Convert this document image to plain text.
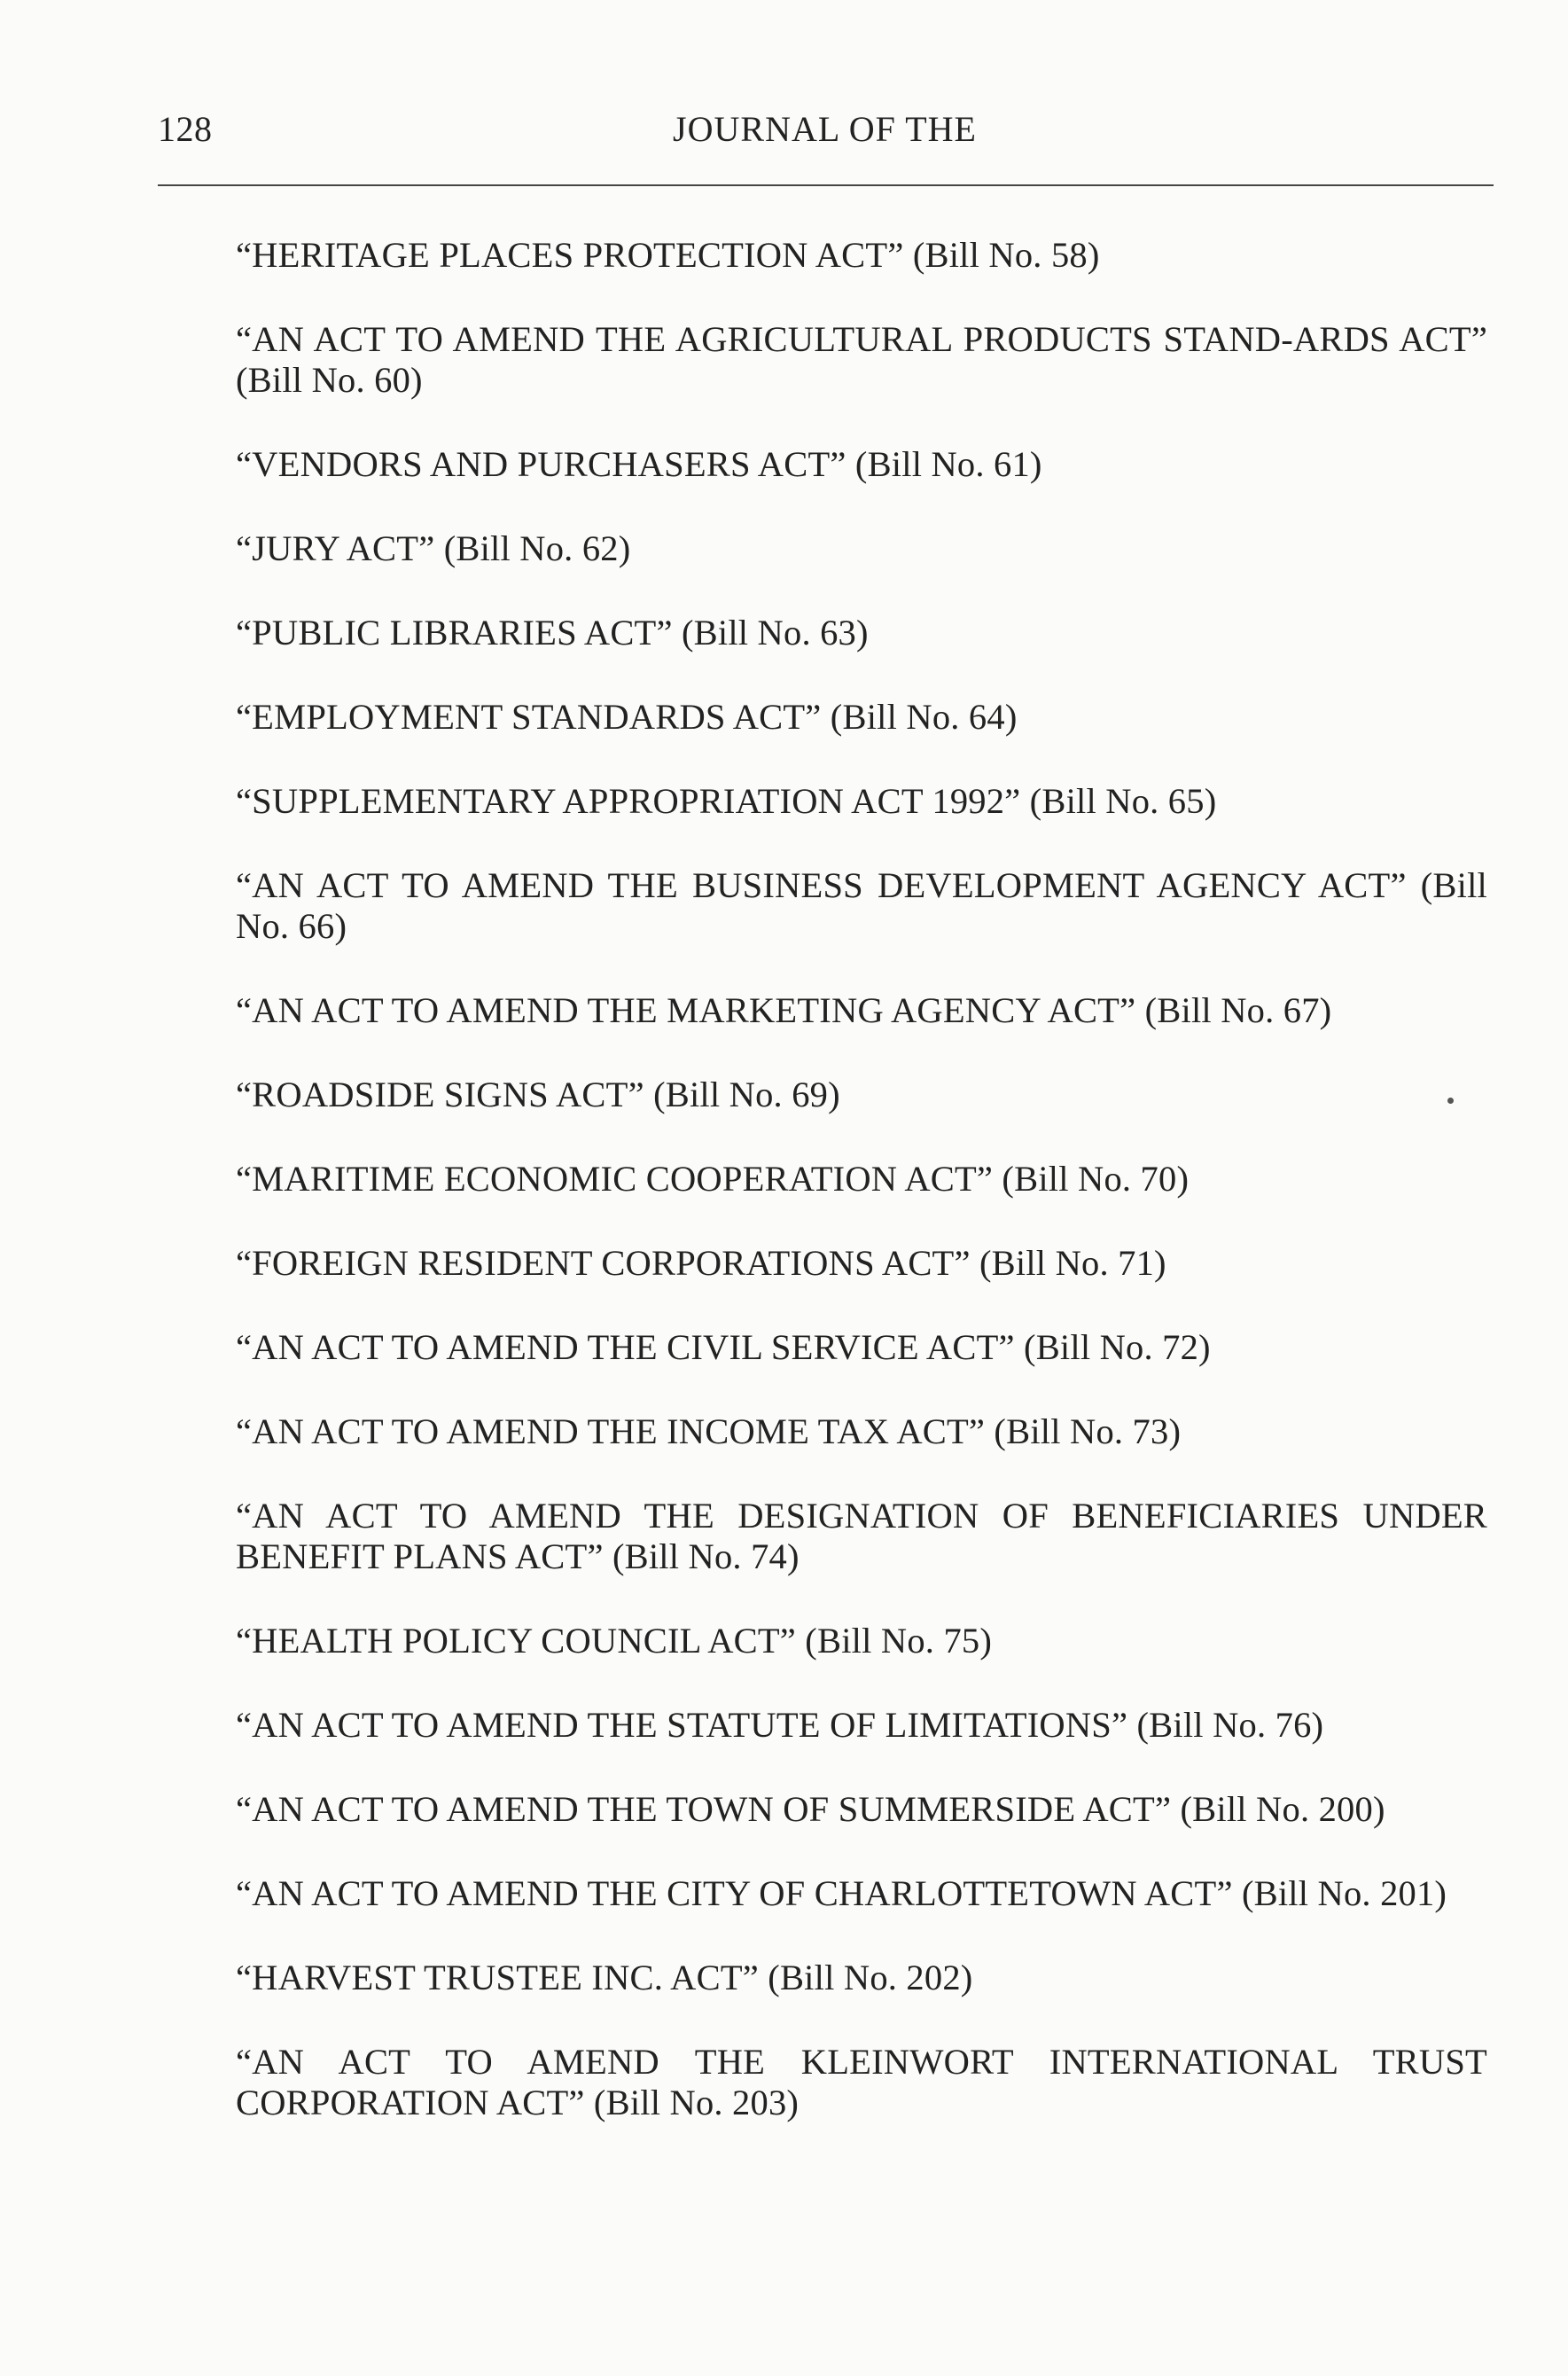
128	JOURNAL OF THE
“HERITAGE PLACES PROTECTION ACT” (Bill No. 58)
“AN ACT TO AMEND THE AGRICULTURAL PRODUCTS STAND-ARDS ACT” (Bill No. 60)
“VENDORS AND PURCHASERS ACT” (Bill No. 61)
“JURY ACT” (Bill No. 62)
“PUBLIC LIBRARIES ACT” (Bill No. 63)
“EMPLOYMENT STANDARDS ACT” (Bill No. 64)
“SUPPLEMENTARY APPROPRIATION ACT 1992” (Bill No. 65)
“AN ACT TO AMEND THE BUSINESS DEVELOPMENT AGENCY ACT” (Bill No. 66)
“AN ACT TO AMEND THE MARKETING AGENCY ACT” (Bill No. 67)
“ROADSIDE SIGNS ACT” (Bill No. 69)
“MARITIME ECONOMIC COOPERATION ACT” (Bill No. 70)
“FOREIGN RESIDENT CORPORATIONS ACT” (Bill No. 71)
“AN ACT TO AMEND THE CIVIL SERVICE ACT” (Bill No. 72)
“AN ACT TO AMEND THE INCOME TAX ACT” (Bill No. 73)
“AN ACT TO AMEND THE DESIGNATION OF BENEFICIARIES UNDER BENEFIT PLANS ACT” (Bill No. 74)
“HEALTH POLICY COUNCIL ACT” (Bill No. 75)
“AN ACT TO AMEND THE STATUTE OF LIMITATIONS” (Bill No. 76)
“AN ACT TO AMEND THE TOWN OF SUMMERSIDE ACT” (Bill No. 200)
“AN ACT TO AMEND THE CITY OF CHARLOTTETOWN ACT” (Bill No. 201)
“HARVEST TRUSTEE INC. ACT” (Bill No. 202)
“AN ACT TO AMEND THE KLEINWORT INTERNATIONAL TRUST CORPORATION ACT” (Bill No. 203)
